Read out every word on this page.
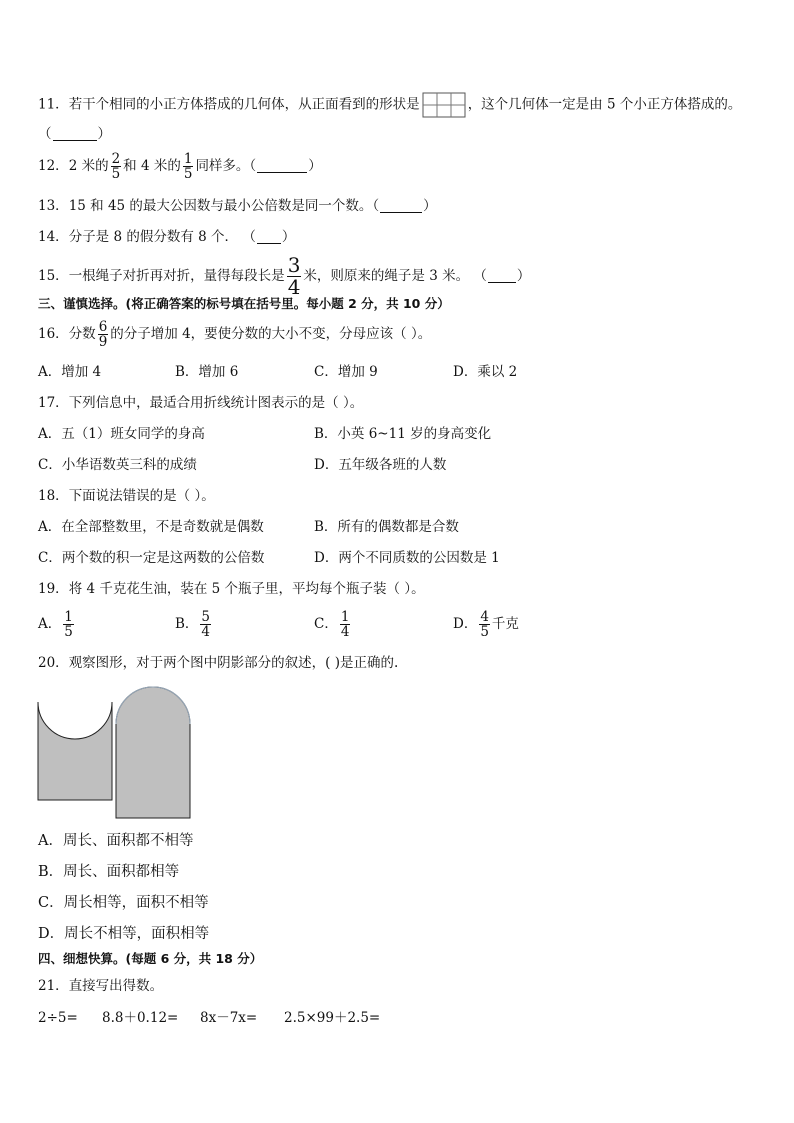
11．若干个相同的小正方体搭成的几何体，从正面看到的形状是	，这个几何体一定是由 5 个小正方体搭成的。
（	）
12．2 米的 $\frac{2}{5}$ 和 4 米的 $\frac{1}{5}$ 同样多。（	）
13．15 和 45 的最大公因数与最小公倍数是同一个数。（	）
14．分子是 8 的假分数有 8 个． （ ）
15．一根绳子对折再对折，量得每段长是 $\frac{3}{4}$ 米，则原来的绳子是 3 米。 （ ）
三、谨慎选择。(将正确答案的标号填在括号里。每小题 2 分，共 10 分）
16．分数 $\frac{6}{9}$ 的分子增加 4，要使分数的大小不变，分母应该（ ）。
A．增加 4	B．增加 6	C．增加 9	D．乘以 2
17．下列信息中，最适合用折线统计图表示的是（ ）。
A．五（1）班女同学的身高	B．小英 6~11 岁的身高变化
C．小华语数英三科的成绩	D．五年级各班的人数
18．下面说法错误的是（ ）。
A．在全部整数里，不是奇数就是偶数	B．所有的偶数都是合数
C．两个数的积一定是这两数的公倍数	D．两个不同质数的公因数是 1
19．将 4 千克花生油，装在 5 个瓶子里，平均每个瓶子装（ ）。
A． $\frac{1}{5}$	B． $\frac{5}{4}$	C． $\frac{1}{4}$	D． $\frac{4}{5}$ 千克
20．观察图形，对于两个图中阴影部分的叙述，( )是正确的.
A．周长、面积都不相等
B．周长、面积都相等
C．周长相等，面积不相等
D．周长不相等，面积相等
四、细想快算。(每题 6 分，共 18 分）
21．直接写出得数。
2÷5= 8.8＋0.12= 8x－7x= 2.5×99＋2.5=
